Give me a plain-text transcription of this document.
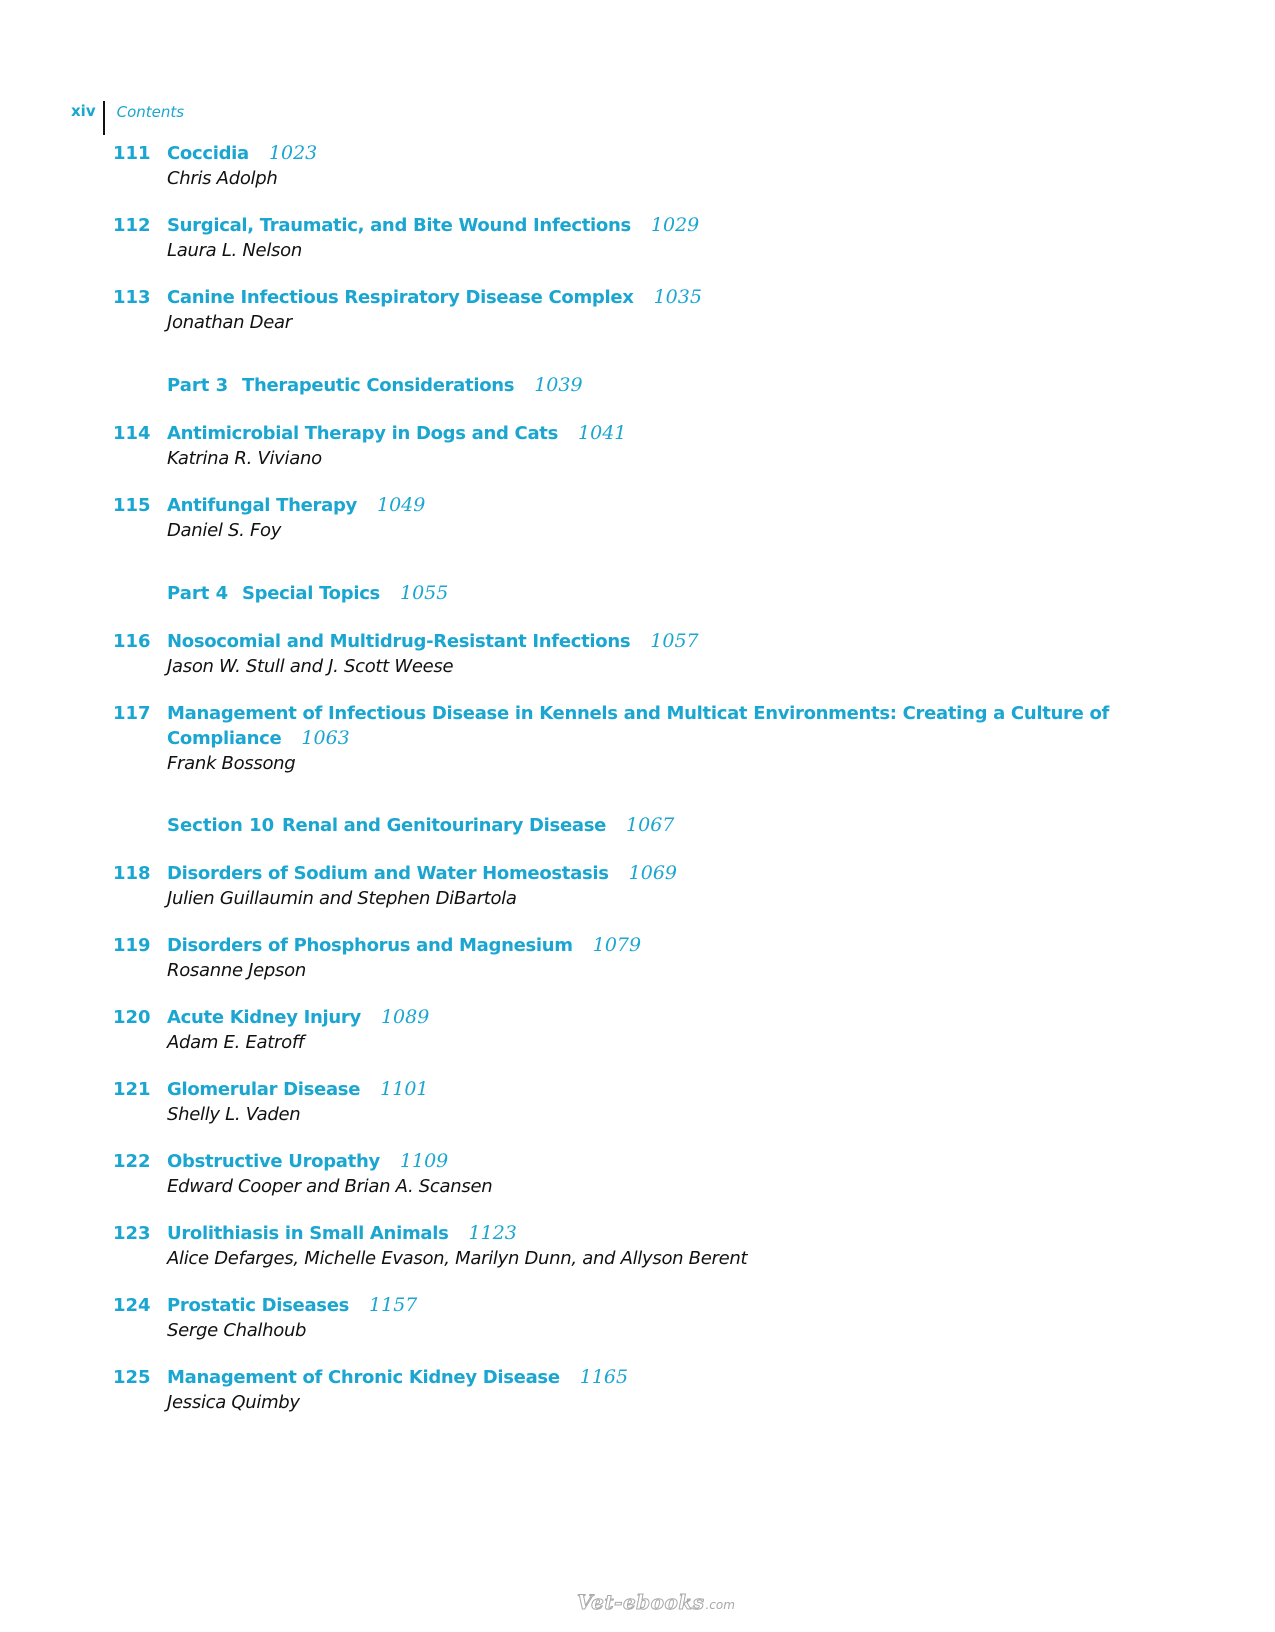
xiv	Contents
111 Coccidia 1023
Chris Adolph
112 Surgical, Traumatic, and Bite Wound Infections 1029
Laura L. Nelson
113 Canine Infectious Respiratory Disease Complex 1035
Jonathan Dear
Part 3 Therapeutic Considerations 1039
114 Antimicrobial Therapy in Dogs and Cats 1041
Katrina R. Viviano
115 Antifungal Therapy 1049
Daniel S. Foy
Part 4 Special Topics 1055
116 Nosocomial and Multidrug-Resistant Infections 1057
Jason W. Stull and J. Scott Weese
117 Management of Infectious Disease in Kennels and Multicat Environments: Creating a Culture of
Compliance 1063
Frank Bossong
Section 10 Renal and Genitourinary Disease 1067
118 Disorders of Sodium and Water Homeostasis 1069
Julien Guillaumin and Stephen DiBartola
119 Disorders of Phosphorus and Magnesium 1079
Rosanne Jepson
120 Acute Kidney Injury 1089
Adam E. Eatroff
121 Glomerular Disease 1101
Shelly L. Vaden
122 Obstructive Uropathy 1109
Edward Cooper and Brian A. Scansen
123 Urolithiasis in Small Animals 1123
Alice Defarges, Michelle Evason, Marilyn Dunn, and Allyson Berent
124 Prostatic Diseases 1157
Serge Chalhoub
125 Management of Chronic Kidney Disease 1165
Jessica Quimby
Vet-ebooks .com
